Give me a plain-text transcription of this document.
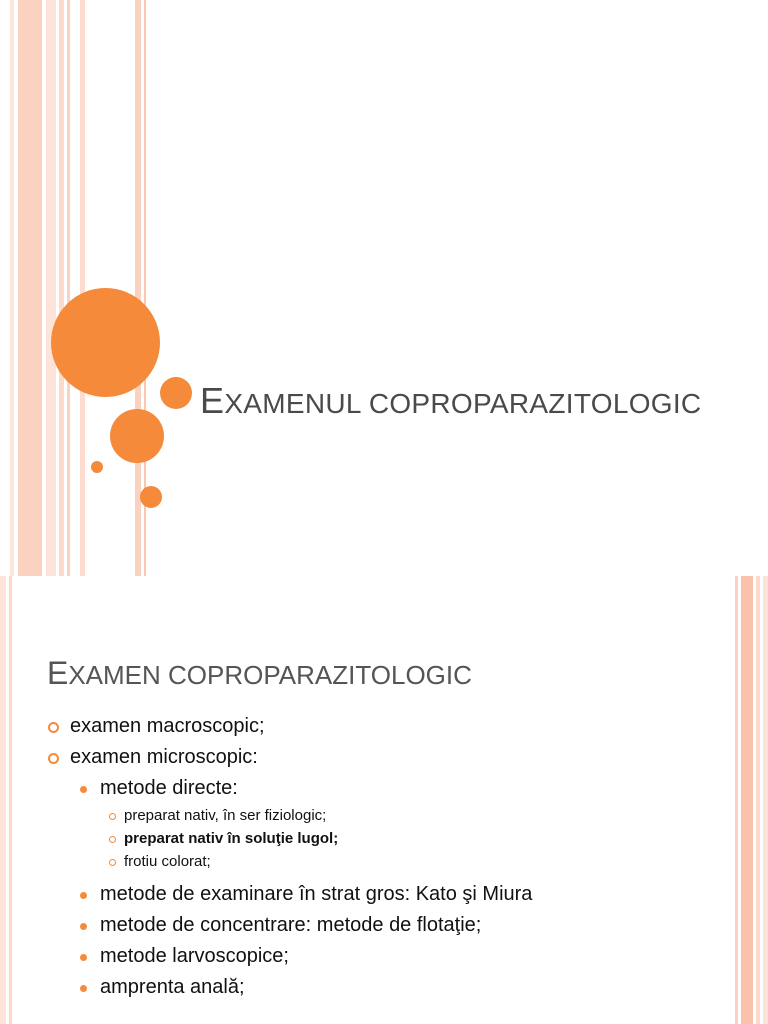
EXAMENUL COPROPARAZITOLOGIC
EXAMEN COPROPARAZITOLOGIC
examen macroscopic;
examen microscopic:
metode directe:
preparat nativ, în ser fiziologic;
preparat nativ în soluţie lugol;
frotiu colorat;
metode de examinare în strat gros: Kato şi Miura
metode de concentrare: metode de flotaţie;
metode larvoscopice;
amprenta anală;
